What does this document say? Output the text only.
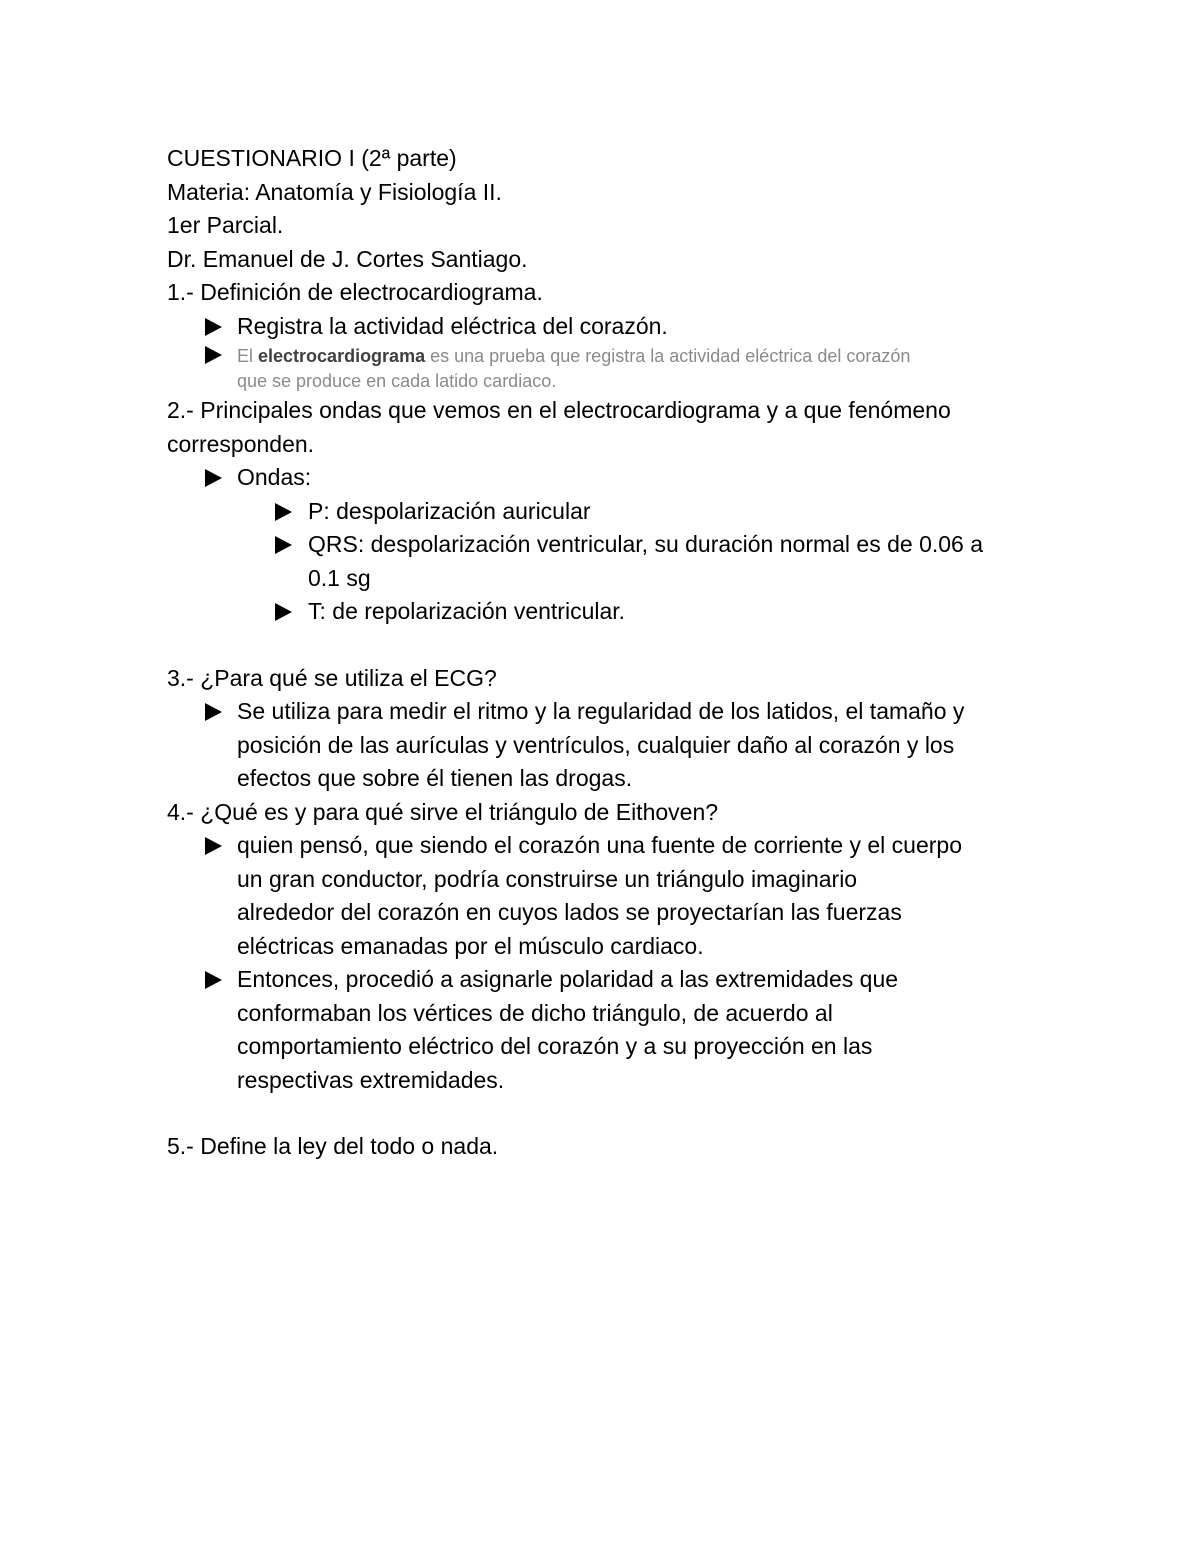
CUESTIONARIO I (2ª parte)
Materia: Anatomía y Fisiología II.
1er Parcial.
Dr. Emanuel de J. Cortes Santiago.
1.- Definición de electrocardiograma.
Registra la actividad eléctrica del corazón.
El electrocardiograma es una prueba que registra la actividad eléctrica del corazón
que se produce en cada latido cardiaco.
2.- Principales ondas que vemos en el electrocardiograma y a que fenómeno
corresponden.
Ondas:
P: despolarización auricular
QRS: despolarización ventricular, su duración normal es de 0.06 a
0.1 sg
T: de repolarización ventricular.
3.- ¿Para qué se utiliza el ECG?
Se utiliza para medir el ritmo y la regularidad de los latidos, el tamaño y
posición de las aurículas y ventrículos, cualquier daño al corazón y los
efectos que sobre él tienen las drogas.
4.- ¿Qué es y para qué sirve el triángulo de Eithoven?
quien pensó, que siendo el corazón una fuente de corriente y el cuerpo
un gran conductor, podría construirse un triángulo imaginario
alrededor del corazón en cuyos lados se proyectarían las fuerzas
eléctricas emanadas por el músculo cardiaco.
Entonces, procedió a asignarle polaridad a las extremidades que
conformaban los vértices de dicho triángulo, de acuerdo al
comportamiento eléctrico del corazón y a su proyección en las
respectivas extremidades.
5.- Define la ley del todo o nada.
